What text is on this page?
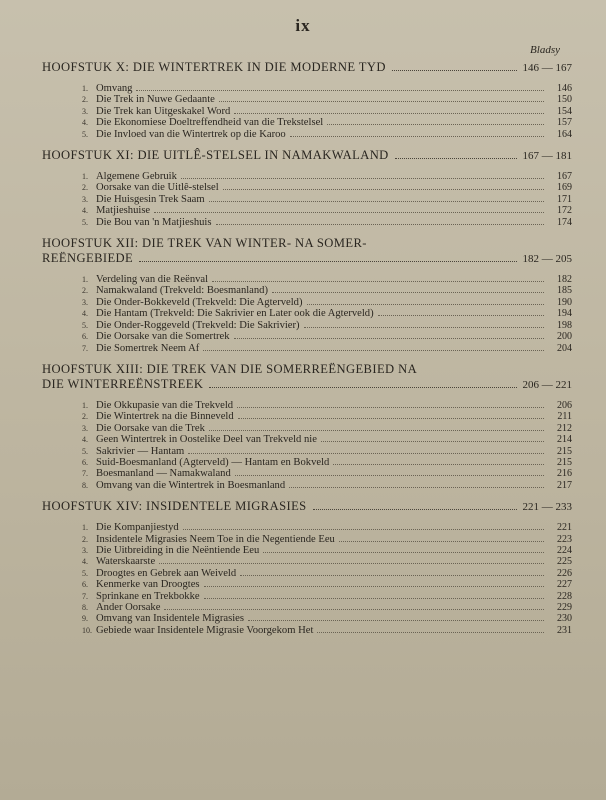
ix
Bladsy
HOOFSTUK X: DIE WINTERTREK IN DIE MODERNE TYD	146 — 167
1. Omvang	146
2. Die Trek in Nuwe Gedaante	150
3. Die Trek kan Uitgeskakel Word	154
4. Die Ekonomiese Doeltreffendheid van die Trekstelsel	157
5. Die Invloed van die Wintertrek op die Karoo	164
HOOFSTUK XI: DIE UITLÊ-STELSEL IN NAMAKWALAND	167 — 181
1. Algemene Gebruik	167
2. Oorsake van die Uitlê-stelsel	169
3. Die Huisgesin Trek Saam	171
4. Matjieshuise	172
5. Die Bou van 'n Matjieshuis	174
HOOFSTUK XII: DIE TREK VAN WINTER- NA SOMER-
REËNGEBIEDE	182 — 205
1. Verdeling van die Reënval	182
2. Namakwaland (Trekveld: Boesmanland)	185
3. Die Onder-Bokkeveld (Trekveld: Die Agterveld)	190
4. Die Hantam (Trekveld: Die Sakrivier en Later ook die Agterveld)	194
5. Die Onder-Roggeveld (Trekveld: Die Sakrivier)	198
6. Die Oorsake van die Somertrek	200
7. Die Somertrek Neem Af	204
HOOFSTUK XIII: DIE TREK VAN DIE SOMERREËNGEBIED NA
DIE WINTERREËNSTREEK	206 — 221
1. Die Okkupasie van die Trekveld	206
2. Die Wintertrek na die Binneveld	211
3. Die Oorsake van die Trek	212
4. Geen Wintertrek in Oostelike Deel van Trekveld nie	214
5. Sakrivier — Hantam	215
6. Suid-Boesmanland (Agterveld) — Hantam en Bokveld	215
7. Boesmanland — Namakwaland	216
8. Omvang van die Wintertrek in Boesmanland	217
HOOFSTUK XIV: INSIDENTELE MIGRASIES	221 — 233
1. Die Kompanjiestyd	221
2. Insidentele Migrasies Neem Toe in die Negentiende Eeu	223
3. Die Uitbreiding in die Neëntiende Eeu	224
4. Waterskaarste	225
5. Droogtes en Gebrek aan Weiveld	226
6. Kenmerke van Droogtes	227
7. Sprinkane en Trekbokke	228
8. Ander Oorsake	229
9. Omvang van Insidentele Migrasies	230
10. Gebiede waar Insidentele Migrasie Voorgekom Het	231
